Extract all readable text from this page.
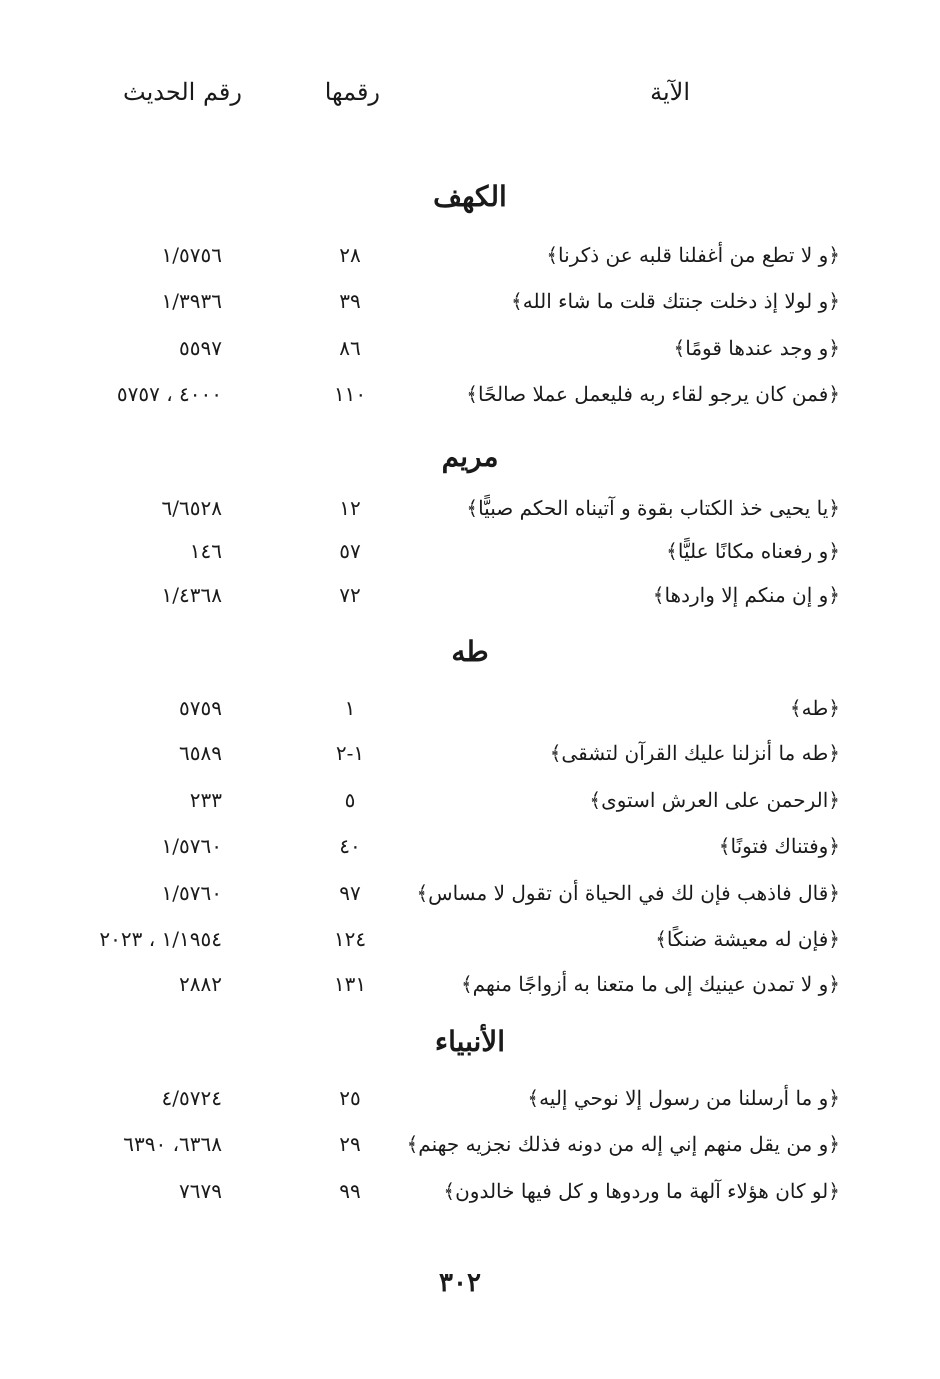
الآية
رقمها
رقم الحديث
الكهف
﴿و لا تطع من أغفلنا قلبه عن ذكرنا﴾
٢٨
١/٥٧٥٦
﴿و لولا إذ دخلت جنتك قلت ما شاء الله﴾
٣٩
١/٣٩٣٦
﴿و وجد عندها قومًا﴾
٨٦
٥٥٩٧
﴿فمن كان يرجو لقاء ربه فليعمل عملا صالحًا﴾
١١٠
٤٠٠٠ ، ٥٧٥٧
مريم
﴿يا يحيى خذ الكتاب بقوة و آتيناه الحكم صبيًّا﴾
١٢
٦/٦٥٢٨
﴿و رفعناه مكانًا عليًّا﴾
٥٧
١٤٦
﴿و إن منكم إلا واردها﴾
٧٢
١/٤٣٦٨
طه
﴿طه﴾
١
٥٧٥٩
﴿طه ما أنزلنا عليك القرآن لتشقى﴾
١-٢
٦٥٨٩
﴿الرحمن على العرش استوى﴾
٥
٢٣٣
﴿وفتناك فتونًا﴾
٤٠
١/٥٧٦٠
﴿قال فاذهب فإن لك في الحياة أن تقول لا مساس﴾
٩٧
١/٥٧٦٠
﴿فإن له معيشة ضنكًا﴾
١٢٤
١/١٩٥٤ ، ٢٠٢٣
﴿و لا تمدن عينيك إلى ما متعنا به أزواجًا منهم﴾
١٣١
٢٨٨٢
الأنبياء
﴿و ما أرسلنا من رسول إلا نوحي إليه﴾
٢٥
٤/٥٧٢٤
﴿و من يقل منهم إني إله من دونه فذلك نجزيه جهنم﴾
٢٩
٦٣٦٨، ٦٣٩٠
﴿لو كان هؤلاء آلهة ما وردوها و كل فيها خالدون﴾
٩٩
٧٦٧٩
٣٠٢
